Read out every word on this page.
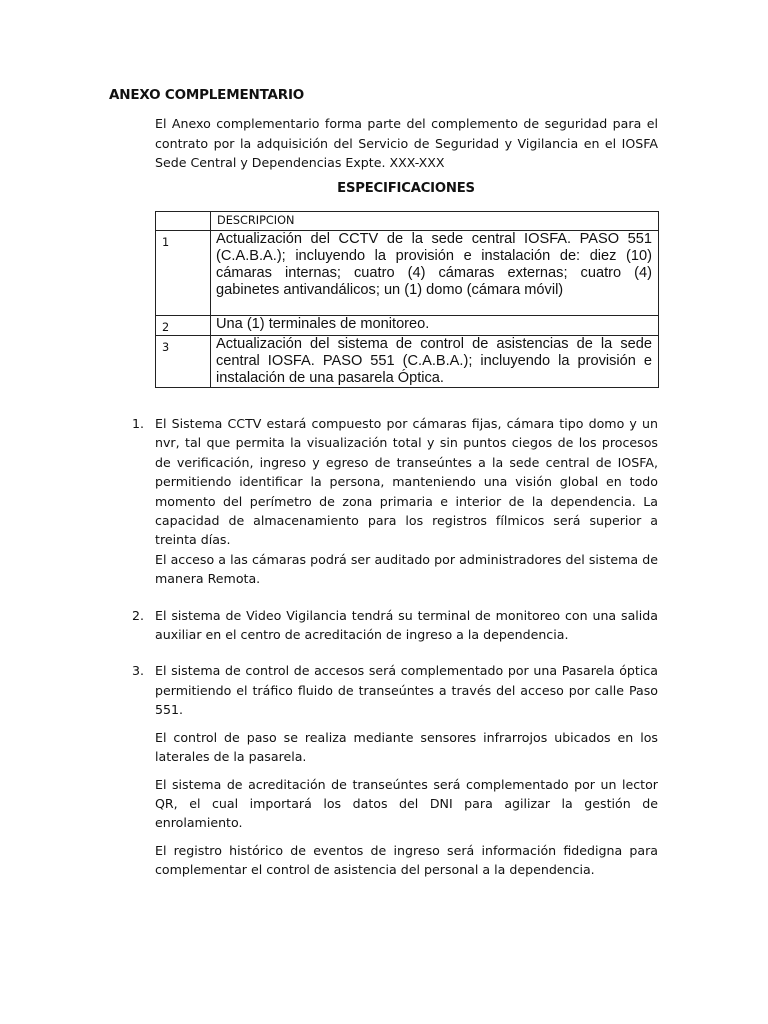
ANEXO COMPLEMENTARIO
El Anexo complementario forma parte del complemento de seguridad para el contrato por la adquisición del Servicio de Seguridad y Vigilancia en el IOSFA Sede Central y Dependencias Expte. XXX-XXX
ESPECIFICACIONES
	DESCRIPCION
1	Actualización del CCTV de la sede central IOSFA. PASO 551 (C.A.B.A.); incluyendo la provisión e instalación de: diez (10) cámaras internas; cuatro (4) cámaras externas; cuatro (4) gabinetes antivandálicos; un (1) domo (cámara móvil)
2	Una (1) terminales de monitoreo.
3	Actualización del sistema de control de asistencias de la sede central IOSFA. PASO 551 (C.A.B.A.); incluyendo la provisión e instalación de una pasarela Óptica.
1. El Sistema CCTV estará compuesto por cámaras fijas, cámara tipo domo y un nvr, tal que permita la visualización total y sin puntos ciegos de los procesos de verificación, ingreso y egreso de transeúntes a la sede central de IOSFA, permitiendo identificar la persona, manteniendo una visión global en todo momento del perímetro de zona primaria e interior de la dependencia. La capacidad de almacenamiento para los registros fílmicos será superior a treinta días.

El acceso a las cámaras podrá ser auditado por administradores del sistema de manera Remota.

2. El sistema de Video Vigilancia tendrá su terminal de monitoreo con una salida auxiliar en el centro de acreditación de ingreso a la dependencia.

3. El sistema de control de accesos será complementado por una Pasarela óptica permitiendo el tráfico fluido de transeúntes a través del acceso por calle Paso 551.

El control de paso se realiza mediante sensores infrarrojos ubicados en los laterales de la pasarela.

El sistema de acreditación de transeúntes será complementado por un lector QR, el cual importará los datos del DNI para agilizar la gestión de enrolamiento.

El registro histórico de eventos de ingreso será información fidedigna para complementar el control de asistencia del personal a la dependencia.
